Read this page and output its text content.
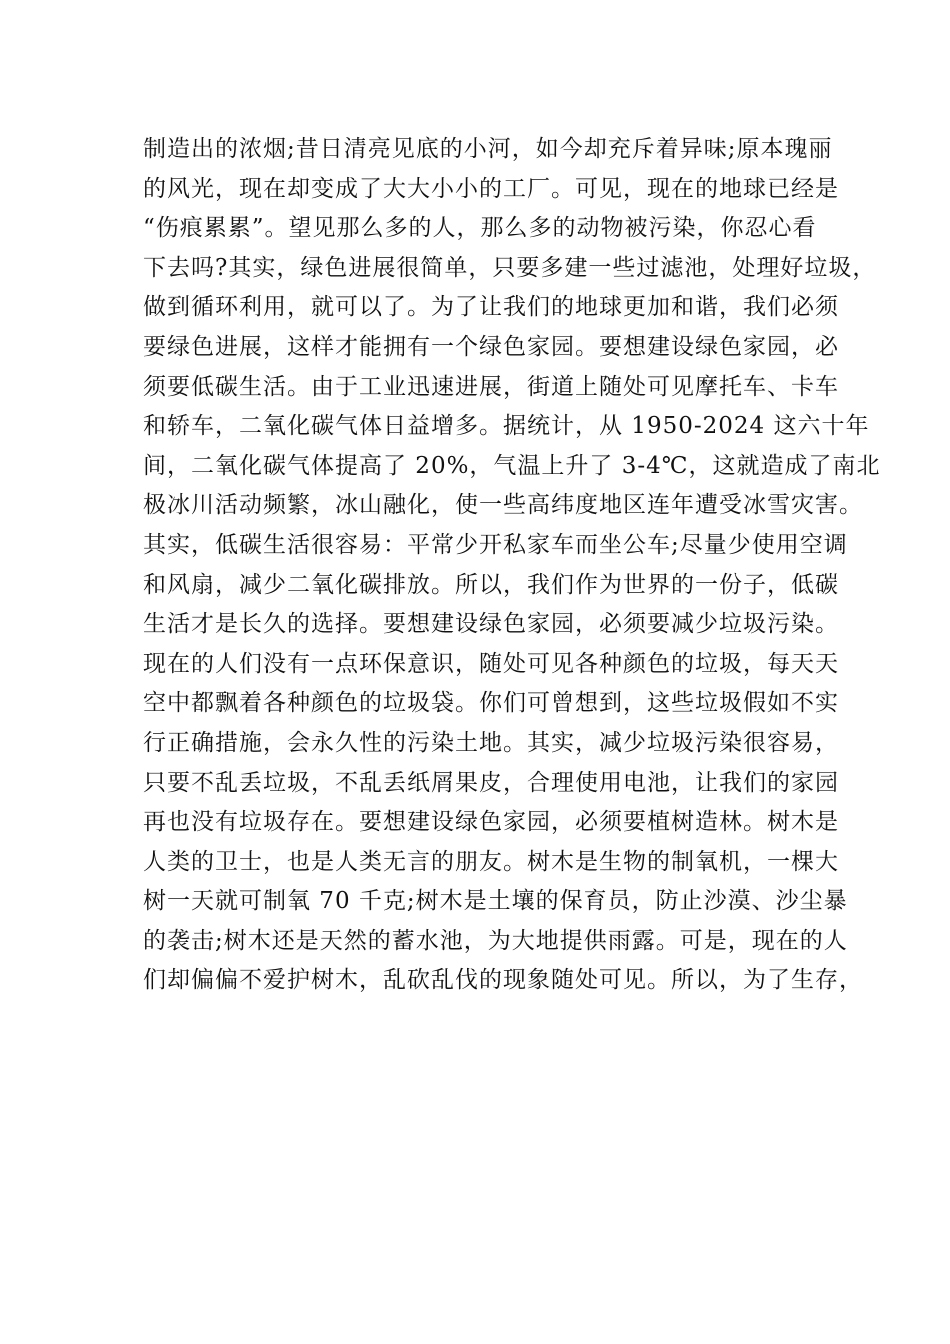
制造出的浓烟;昔日清亮见底的小河，如今却充斥着异味;原本瑰丽
的风光，现在却变成了大大小小的工厂。可见，现在的地球已经是
“伤痕累累”。望见那么多的人，那么多的动物被污染，你忍心看
下去吗?其实，绿色进展很简单，只要多建一些过滤池，处理好垃圾，
做到循环利用，就可以了。为了让我们的地球更加和谐，我们必须
要绿色进展，这样才能拥有一个绿色家园。要想建设绿色家园，必
须要低碳生活。由于工业迅速进展，街道上随处可见摩托车、卡车
和轿车，二氧化碳气体日益增多。据统计，从 1950-2024 这六十年
间，二氧化碳气体提高了 20%，气温上升了 3-4℃，这就造成了南北
极冰川活动频繁，冰山融化，使一些高纬度地区连年遭受冰雪灾害。
其实，低碳生活很容易：平常少开私家车而坐公车;尽量少使用空调
和风扇，减少二氧化碳排放。所以，我们作为世界的一份子，低碳
生活才是长久的选择。要想建设绿色家园，必须要减少垃圾污染。
现在的人们没有一点环保意识，随处可见各种颜色的垃圾，每天天
空中都飘着各种颜色的垃圾袋。你们可曾想到，这些垃圾假如不实
行正确措施，会永久性的污染土地。其实，减少垃圾污染很容易，
只要不乱丢垃圾，不乱丢纸屑果皮，合理使用电池，让我们的家园
再也没有垃圾存在。要想建设绿色家园，必须要植树造林。树木是
人类的卫士，也是人类无言的朋友。树木是生物的制氧机，一棵大
树一天就可制氧 70 千克;树木是土壤的保育员，防止沙漠、沙尘暴
的袭击;树木还是天然的蓄水池，为大地提供雨露。可是，现在的人
们却偏偏不爱护树木，乱砍乱伐的现象随处可见。所以，为了生存，
